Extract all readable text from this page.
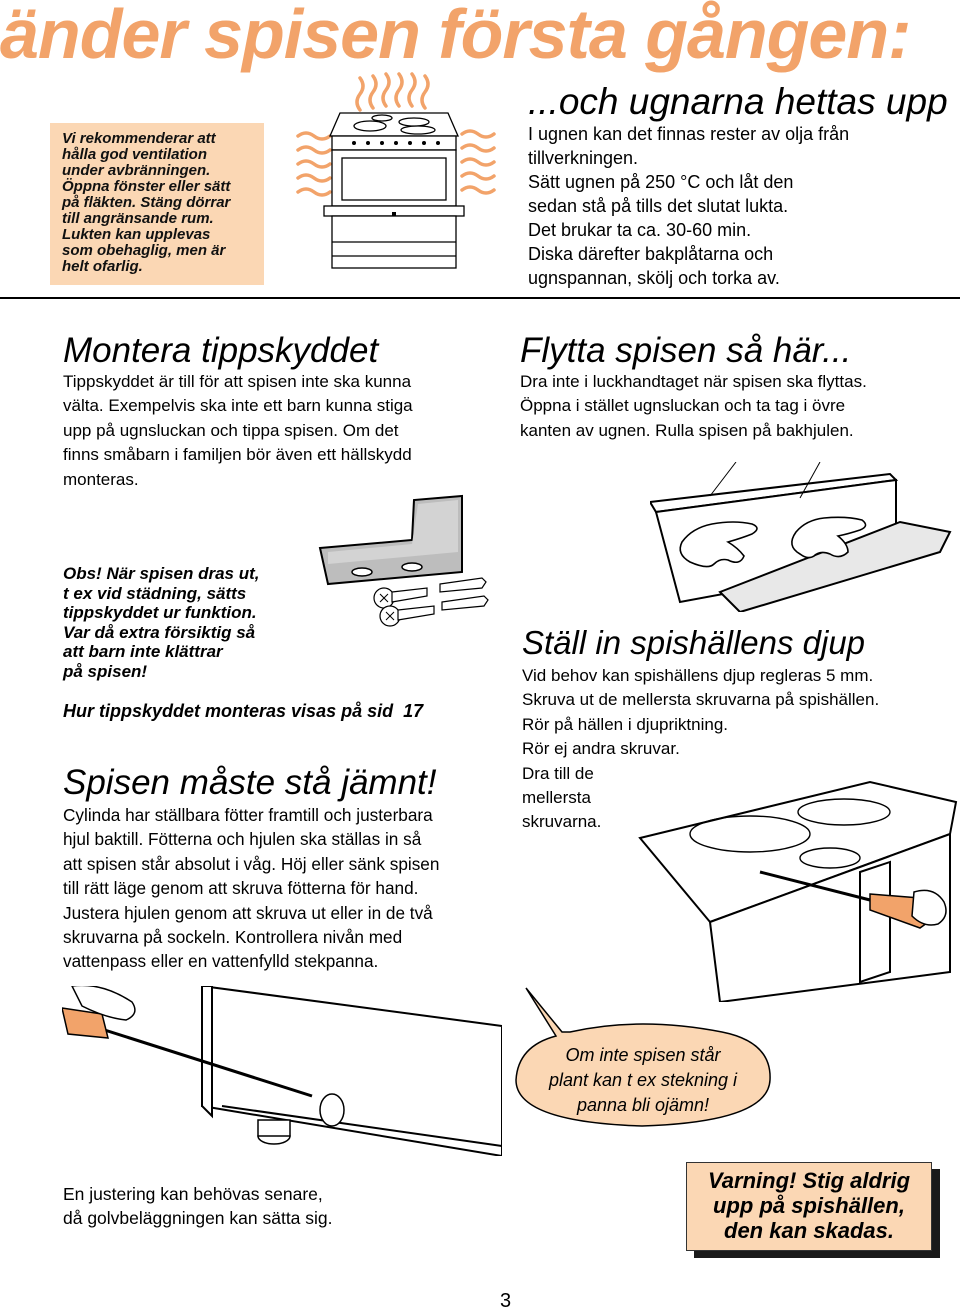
änder spisen första gången:
Vi rekommenderar att
hålla god ventilation
under avbränningen.
Öppna fönster eller sätt
på fläkten. Stäng dörrar
till angränsande rum.
Lukten kan upplevas
som obehaglig, men är
helt ofarlig.
...och ugnarna hettas upp
I ugnen kan det finnas rester av olja från
tillverkningen.
Sätt ugnen på 250 °C och låt den
sedan stå på tills det slutat lukta.
Det brukar ta ca. 30-60 min.
Diska därefter bakplåtarna och
ugnspannan, skölj och torka av.
Montera tippskyddet
Tippskyddet är till för att spisen inte ska kunna
välta. Exempelvis ska inte ett barn kunna stiga
upp på ugnsluckan och tippa spisen. Om det
finns småbarn i familjen bör även ett hällskydd
monteras.
Flytta spisen så här...
Dra inte i luckhandtaget när spisen ska flyttas.
Öppna i stället ugnsluckan och ta tag i övre
kanten av ugnen. Rulla spisen på bakhjulen.
Obs! När spisen dras ut,
t ex vid städning, sätts
tippskyddet ur funktion.
Var då extra försiktig så
att barn inte klättrar
på spisen!
Hur tippskyddet monteras visas på sid  17
Ställ in spishällens djup
Vid behov kan spishällens djup regleras 5 mm.
Skruva ut de mellersta skruvarna på spishällen.
Rör på hällen i djupriktning.
Rör ej andra skruvar.
Dra till de
mellersta
skruvarna.
Spisen måste stå jämnt!
Cylinda har ställbara fötter framtill och justerbara
hjul baktill. Fötterna och hjulen ska ställas in så
att spisen står absolut i våg. Höj eller sänk spisen
till rätt läge genom att skruva fötterna för hand.
Justera hjulen genom att skruva ut eller in de två
skruvarna på sockeln. Kontrollera nivån med
vattenpass eller en vattenfylld stekpanna.
Om inte spisen står
plant kan t ex stekning i
panna bli ojämn!
En justering kan behövas senare,
då golvbeläggningen kan sätta sig.
Varning! Stig aldrig
upp på spishällen,
den kan skadas.
3
